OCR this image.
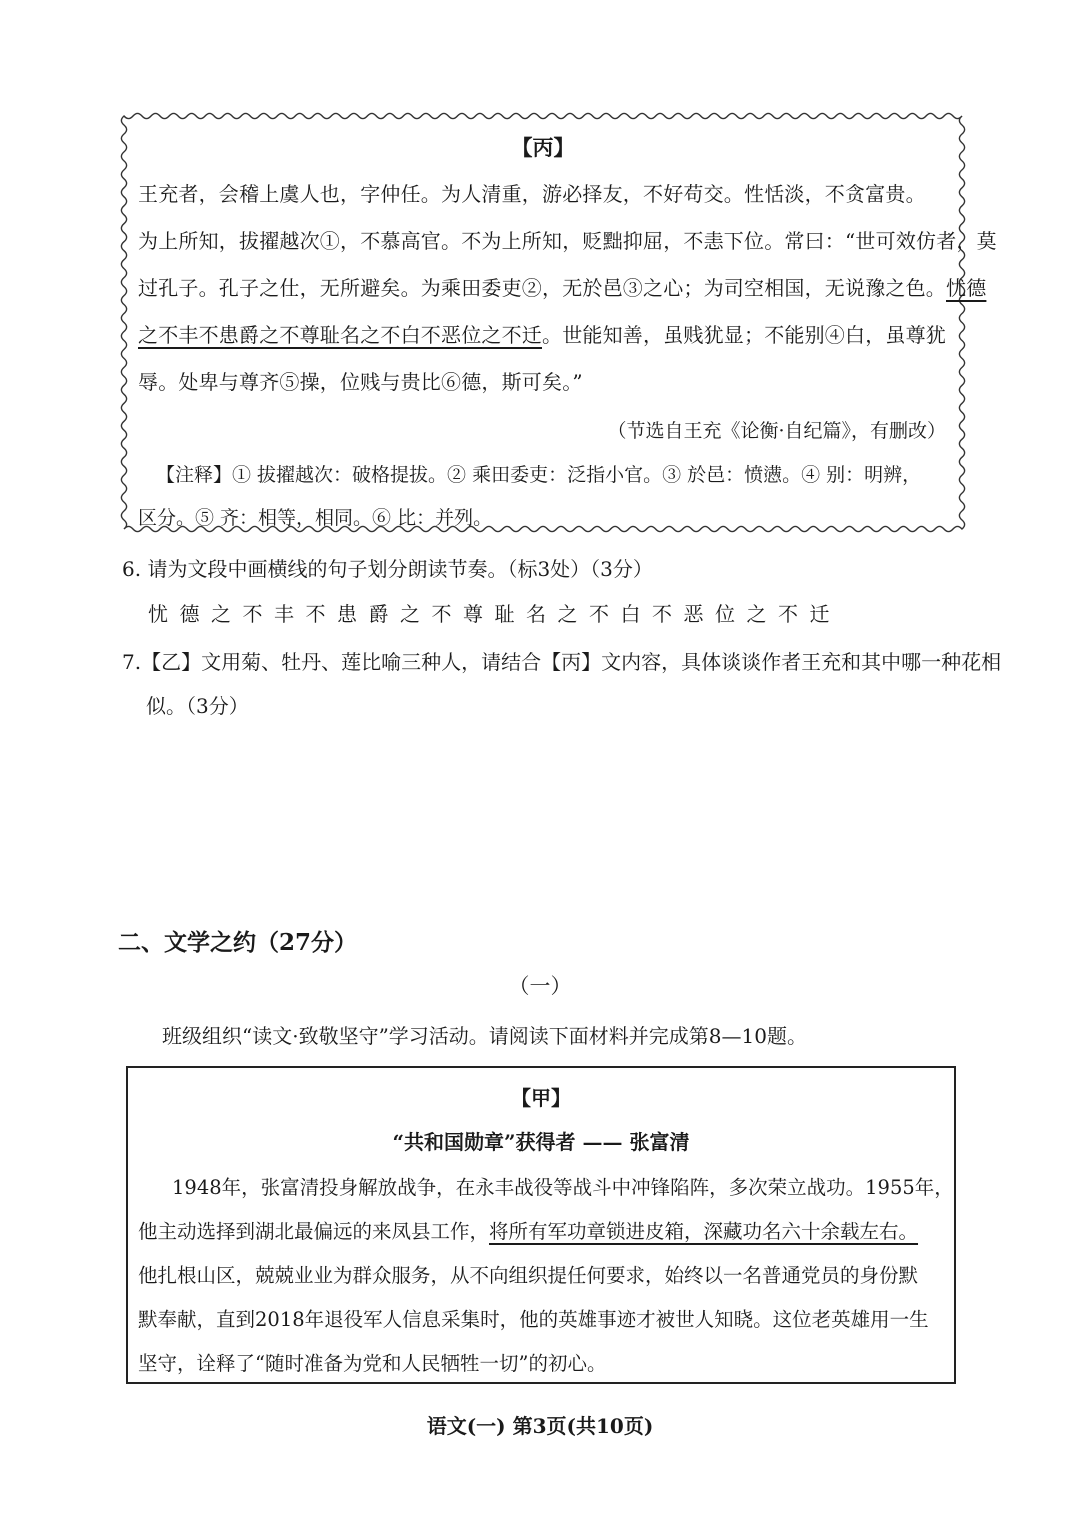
【丙】
王充者，会稽上虞人也，字仲任。为人清重，游必择友，不好苟交。性恬淡，不贪富贵。
为上所知，拔擢越次①，不慕高官。不为上所知，贬黜抑屈，不恚下位。常曰：“世可效仿者，莫
过孔子。孔子之仕，无所避矣。为乘田委吏②，无於邑③之心；为司空相国，无说豫之色。忧德
之不丰不患爵之不尊耻名之不白不恶位之不迁。世能知善，虽贱犹显；不能别④白，虽尊犹
辱。处卑与尊齐⑤操，位贱与贵比⑥德，斯可矣。”
（节选自王充《论衡·自纪篇》，有删改）
【注释】① 拔擢越次：破格提拔。② 乘田委吏：泛指小官。③ 於邑：愤懑。④ 别：明辨，
区分。⑤ 齐：相等，相同。⑥ 比：并列。
6. 请为文段中画横线的句子划分朗读节奏。（标3处）（3分）
忧德之不丰不患爵之不尊耻名之不白不恶位之不迁
7.【乙】文用菊、牡丹、莲比喻三种人，请结合【丙】文内容，具体谈谈作者王充和其中哪一种花相
似。（3分）
二、文学之约（27分）
（一）
班级组织“读文·致敬坚守”学习活动。请阅读下面材料并完成第8—10题。
【甲】
“共和国勋章”获得者 —— 张富清
1948年，张富清投身解放战争，在永丰战役等战斗中冲锋陷阵，多次荣立战功。1955年，
他主动选择到湖北最偏远的来凤县工作，将所有军功章锁进皮箱，深藏功名六十余载左右。
他扎根山区，兢兢业业为群众服务，从不向组织提任何要求，始终以一名普通党员的身份默
默奉献，直到2018年退役军人信息采集时，他的英雄事迹才被世人知晓。这位老英雄用一生
坚守，诠释了“随时准备为党和人民牺牲一切”的初心。
语文(一) 第3页(共10页)
